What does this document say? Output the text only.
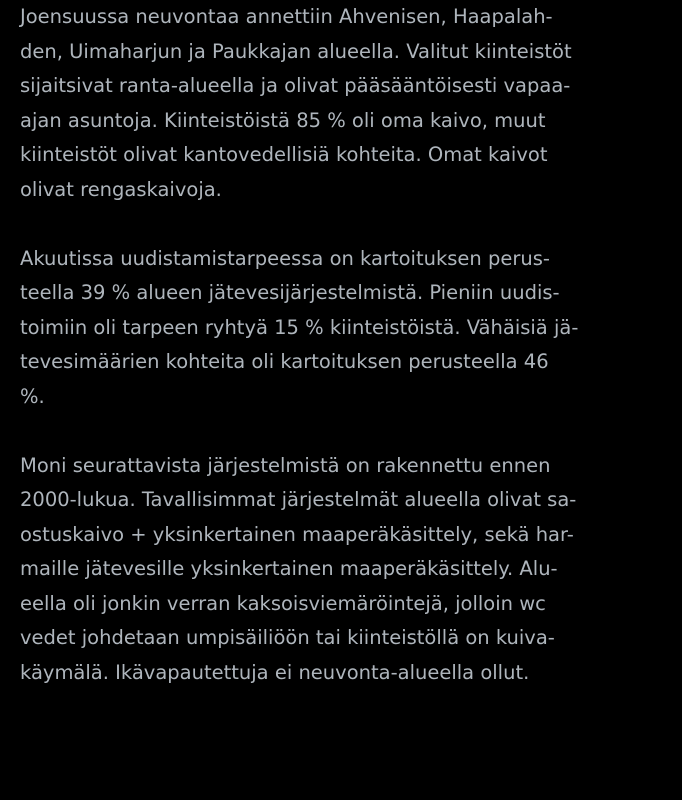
Joensuussa neuvontaa annettiin Ahvenisen, Haapalah-
den, Uimaharjun ja Paukkajan alueella. Valitut kiinteistöt
sijaitsivat ranta-alueella ja olivat pääsääntöisesti vapaa-
ajan asuntoja. Kiinteistöistä 85 % oli oma kaivo, muut
kiinteistöt olivat kantovedellisiä kohteita. Omat kaivot
olivat rengaskaivoja.

Akuutissa uudistamistarpeessa on kartoituksen perus-
teella 39 % alueen jätevesijärjestelmistä. Pieniin uudis-
toimiin oli tarpeen ryhtyä 15 % kiinteistöistä. Vähäisiä jä-
tevesimäärien kohteita oli kartoituksen perusteella 46
%.

Moni seurattavista järjestelmistä on rakennettu ennen
2000-lukua. Tavallisimmat järjestelmät alueella olivat sa-
ostuskaivo + yksinkertainen maaperäkäsittely, sekä har-
maille jätevesille yksinkertainen maaperäkäsittely. Alu-
eella oli jonkin verran kaksoisviemäröintejä, jolloin wc
vedet johdetaan umpisäiliöön tai kiinteistöllä on kuiva-
käymälä. Ikävapautettuja ei neuvonta-alueella ollut.
